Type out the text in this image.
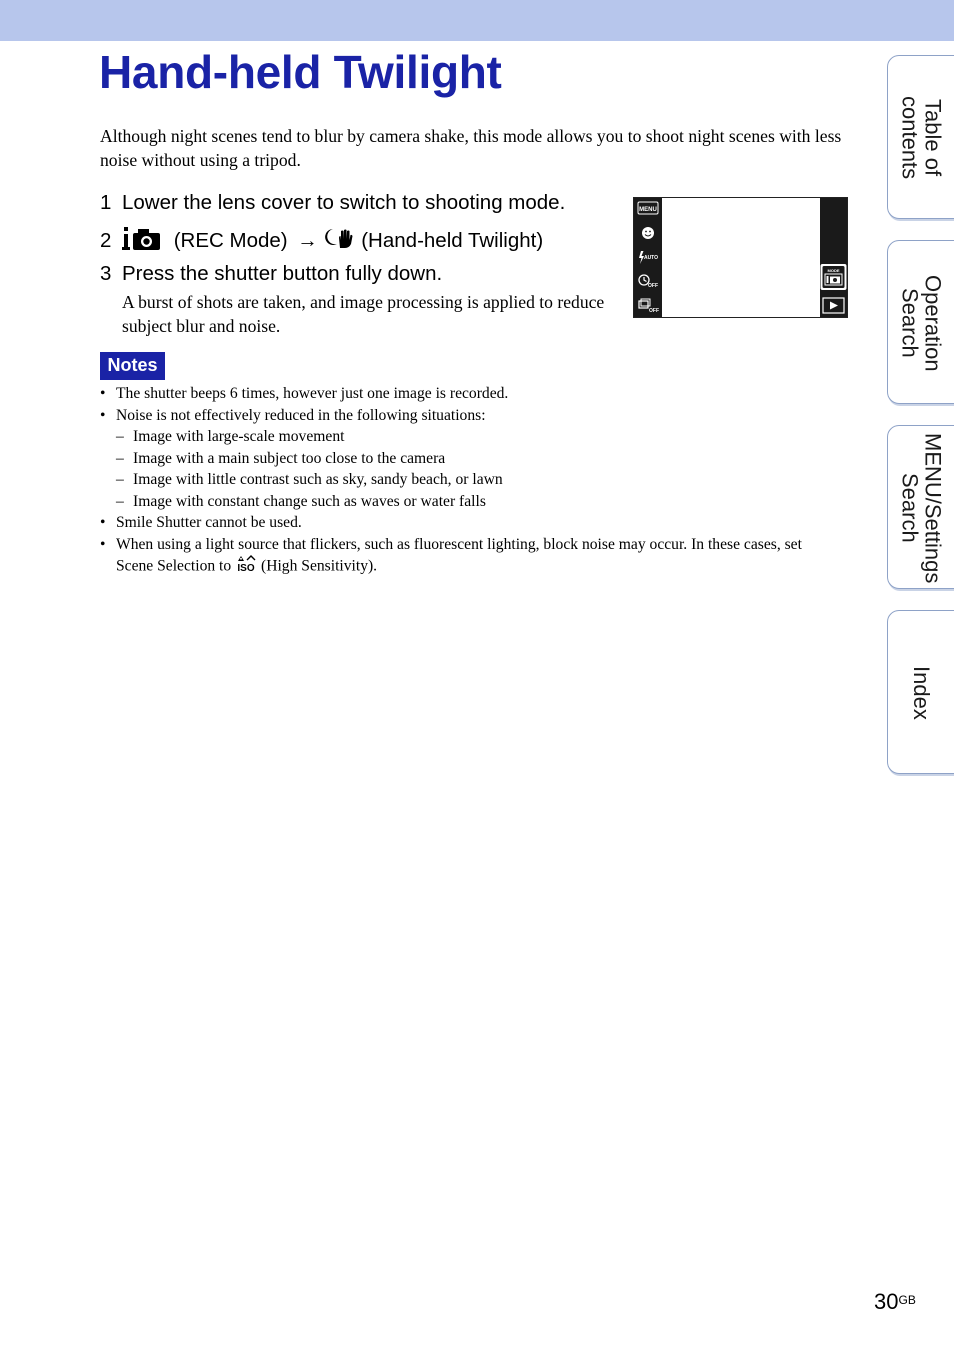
Hand-held Twilight

Although night scenes tend to blur by camera shake, this mode allows you to shoot night scenes with less noise without using a tripod.

1 Lower the lens cover to switch to shooting mode.
2	(REC Mode) → (Hand-held Twilight)
3 Press the shutter button fully down.

A burst of shots are taken, and image processing is applied to reduce subject blur and noise.

MENU
AUTO
OFF
OFF
MODE
Notes
• The shutter beeps 6 times, however just one image is recorded.
• Noise is not effectively reduced in the following situations:
– Image with large-scale movement
– Image with a main subject too close to the camera
– Image with little contrast such as sky, sandy beach, or lawn
– Image with constant change such as waves or water falls
• Smile Shutter cannot be used.
• When using a light source that flickers, such as fluorescent lighting, block noise may occur. In these cases, set Scene Selection to ISO (High Sensitivity).
Table of
contents
Operation
Search
MENU/Settings
Search
Index
$30^{GB}$
